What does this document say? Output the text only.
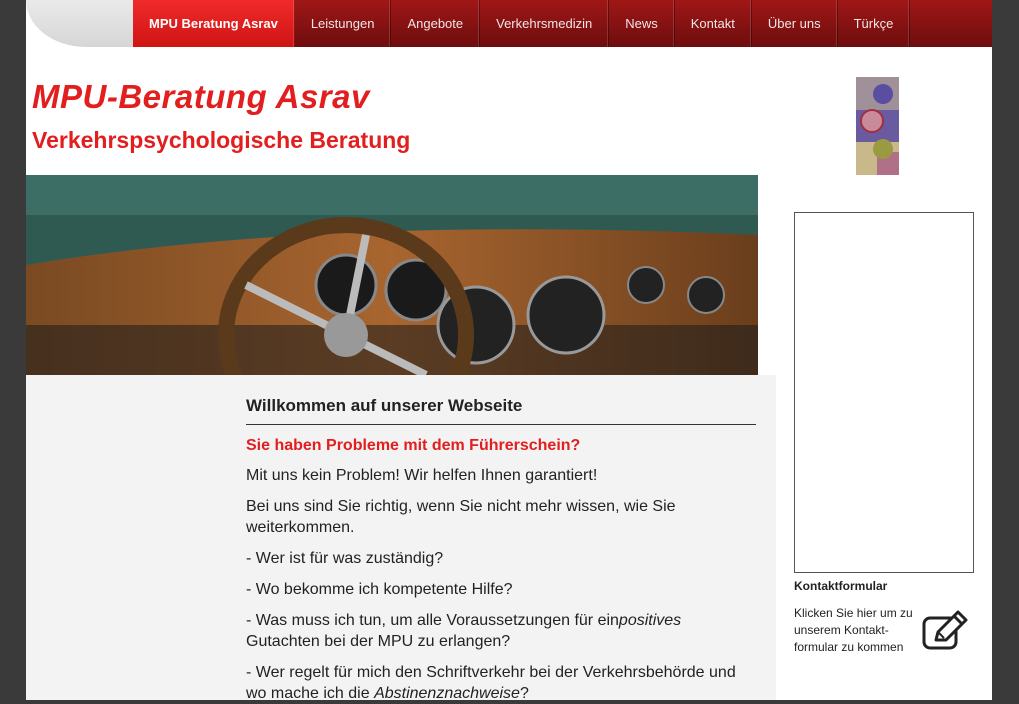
MPU Beratung Asrav	Leistungen	Angebote	Verkehrsmedizin	News	Kontakt	Über uns	Türkçe
MPU-Beratung Asrav
Verkehrspsychologische Beratung
Willkommen auf unserer Webseite
Sie haben Probleme mit dem Führerschein?

Mit uns kein Problem! Wir helfen Ihnen garantiert!

Bei uns sind Sie richtig, wenn Sie nicht mehr wissen, wie Sie weiterkommen.

- Wer ist für was zuständig?

- Wo bekomme ich kompetente Hilfe?

- Was muss ich tun, um alle Voraussetzungen für einpositives Gutachten bei der MPU zu erlangen?

- Wer regelt für mich den Schriftverkehr bei der Verkehrsbehörde und wo mache ich die Abstinenznachweise?

Kontaktformular
Klicken Sie hier um zu unserem Kontakt-formular zu kommen
